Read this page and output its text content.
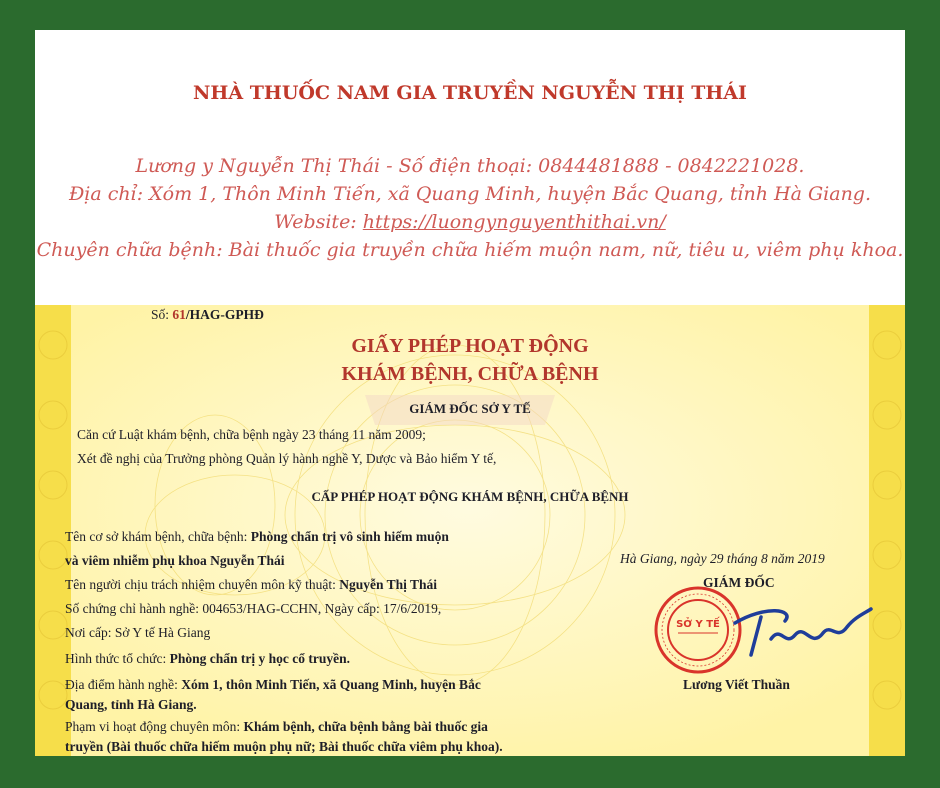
NHÀ THUỐC NAM GIA TRUYỀN NGUYỄN THỊ THÁI
Lương y Nguyễn Thị Thái - Số điện thoại: 0844481888 - 0842221028.
Địa chỉ: Xóm 1, Thôn Minh Tiến, xã Quang Minh, huyện Bắc Quang, tỉnh Hà Giang.
Website: https://luongynguyenthithai.vn/
Chuyên chữa bệnh: Bài thuốc gia truyền chữa hiếm muộn nam, nữ, tiêu u, viêm phụ khoa.
Số: 61/HAG-GPHĐ
GIẤY PHÉP HOẠT ĐỘNG
KHÁM BỆNH, CHỮA BỆNH
GIÁM ĐỐC SỞ Y TẾ
Căn cứ Luật khám bệnh, chữa bệnh ngày 23 tháng 11 năm 2009;
Xét đề nghị của Trưởng phòng Quản lý hành nghề Y, Dược và Bảo hiểm Y tế,
CẤP PHÉP HOẠT ĐỘNG KHÁM BỆNH, CHỮA BỆNH
Tên cơ sở khám bệnh, chữa bệnh: Phòng chẩn trị vô sinh hiếm muộn
và viêm nhiễm phụ khoa Nguyễn Thái
Tên người chịu trách nhiệm chuyên môn kỹ thuật: Nguyễn Thị Thái
Số chứng chỉ hành nghề: 004653/HAG-CCHN, Ngày cấp: 17/6/2019,
Nơi cấp: Sở Y tế Hà Giang
Hình thức tổ chức: Phòng chẩn trị y học cổ truyền.
Địa điểm hành nghề: Xóm 1, thôn Minh Tiến, xã Quang Minh, huyện Bắc
Quang, tỉnh Hà Giang.
Phạm vi hoạt động chuyên môn: Khám bệnh, chữa bệnh bằng bài thuốc gia
truyền (Bài thuốc chữa hiếm muộn phụ nữ; Bài thuốc chữa viêm phụ khoa).
Hà Giang, ngày 29 tháng 8 năm 2019
GIÁM ĐỐC
Lương Viết Thuần
SỞ Y TẾ
